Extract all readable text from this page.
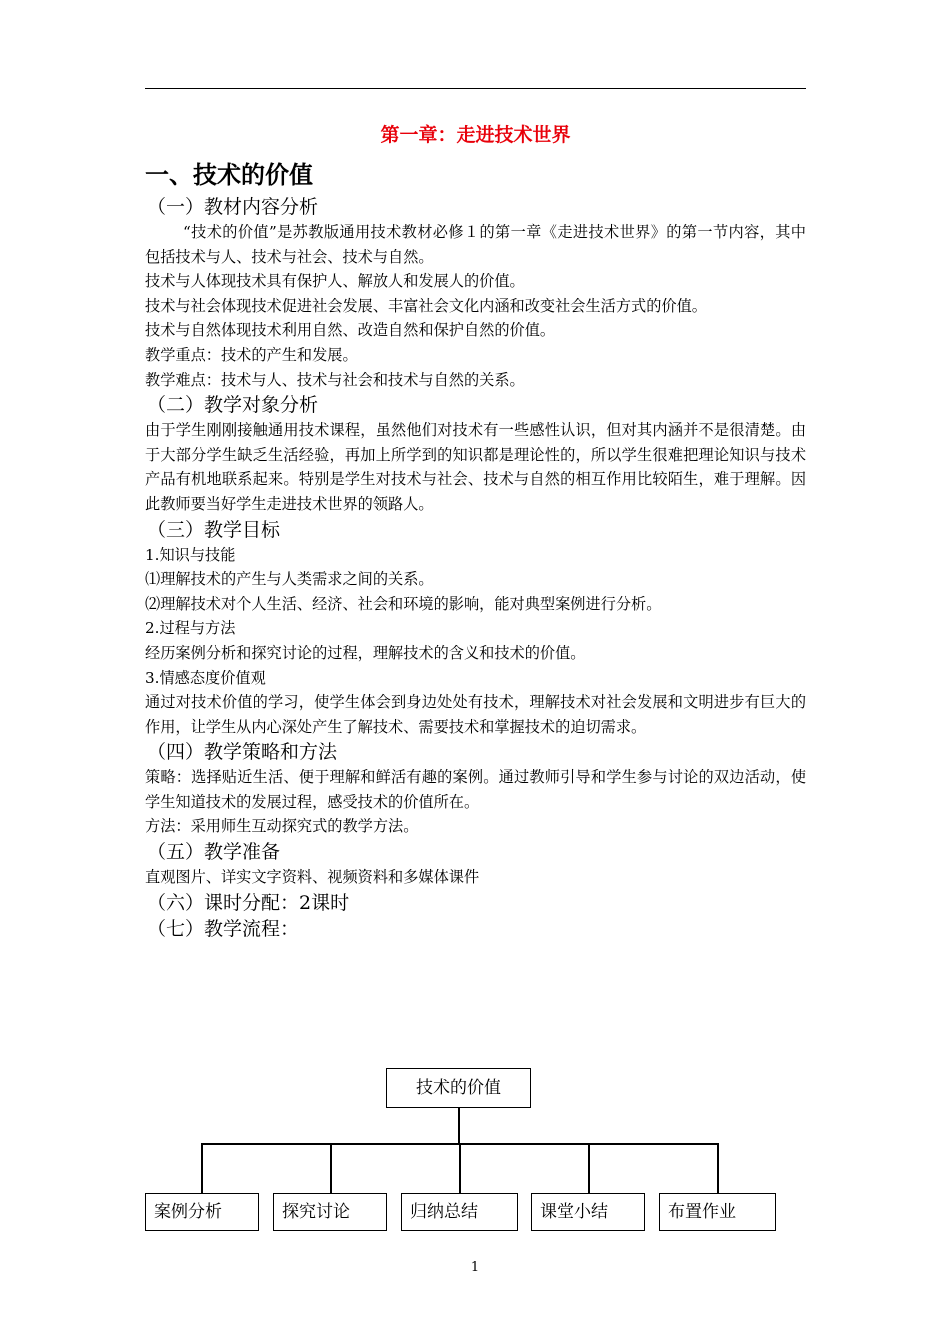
第一章：走进技术世界
一、技术的价值
（一）教材内容分析
“技术的价值”是苏教版通用技术教材必修１的第一章《走进技术世界》的第一节内容，其中包括技术与人、技术与社会、技术与自然。
技术与人体现技术具有保护人、解放人和发展人的价值。
技术与社会体现技术促进社会发展、丰富社会文化内涵和改变社会生活方式的价值。
技术与自然体现技术利用自然、改造自然和保护自然的价值。
教学重点：技术的产生和发展。
教学难点：技术与人、技术与社会和技术与自然的关系。
（二）教学对象分析
由于学生刚刚接触通用技术课程，虽然他们对技术有一些感性认识，但对其内涵并不是很清楚。由于大部分学生缺乏生活经验，再加上所学到的知识都是理论性的，所以学生很难把理论知识与技术产品有机地联系起来。特别是学生对技术与社会、技术与自然的相互作用比较陌生，难于理解。因此教师要当好学生走进技术世界的领路人。
（三）教学目标
1.知识与技能
⑴理解技术的产生与人类需求之间的关系。
⑵理解技术对个人生活、经济、社会和环境的影响，能对典型案例进行分析。
2.过程与方法
经历案例分析和探究讨论的过程，理解技术的含义和技术的价值。
3.情感态度价值观
通过对技术价值的学习，使学生体会到身边处处有技术，理解技术对社会发展和文明进步有巨大的作用，让学生从内心深处产生了解技术、需要技术和掌握技术的迫切需求。
（四）教学策略和方法
策略：选择贴近生活、便于理解和鲜活有趣的案例。通过教师引导和学生参与讨论的双边活动，使学生知道技术的发展过程，感受技术的价值所在。
方法：采用师生互动探究式的教学方法。
（五）教学准备
直观图片、详实文字资料、视频资料和多媒体课件
（六）课时分配：2课时
（七）教学流程：
技术的价值
案例分析	探究讨论	归纳总结	课堂小结	布置作业
1
